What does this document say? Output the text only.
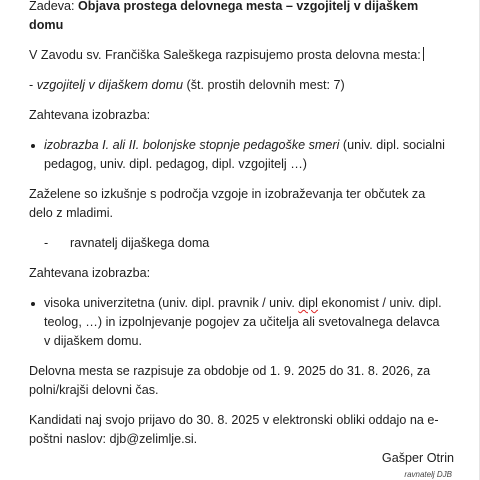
Zadeva: Objava prostega delovnega mesta – vzgojitelj v dijaškem domu

V Zavodu sv. Frančiška Saleškega razpisujemo prosta delovna mesta:

- vzgojitelj v dijaškem domu (št. prostih delovnih mest: 7)

Zahtevana izobrazba:

izobrazba I. ali II. bolonjske stopnje pedagoške smeri (univ. dipl. socialni pedagog, univ. dipl. pedagog, dipl. vzgojitelj …)

Zaželene so izkušnje s področja vzgoje in izobraževanja ter občutek za delo z mladimi.

- ravnatelj dijaškega doma

Zahtevana izobrazba:

visoka univerzitetna (univ. dipl. pravnik / univ. dipl ekonomist / univ. dipl. teolog, …) in izpolnjevanje pogojev za učitelja ali svetovalnega delavca v dijaškem domu.

Delovna mesta se razpisuje za obdobje od 1. 9. 2025 do 31. 8. 2026, za polni/krajši delovni čas.

Kandidati naj svojo prijavo do 30. 8. 2025 v elektronski obliki oddajo na e-poštni naslov: djb@zelimlje.si.

Gašper Otrin
ravnatelj DJB
